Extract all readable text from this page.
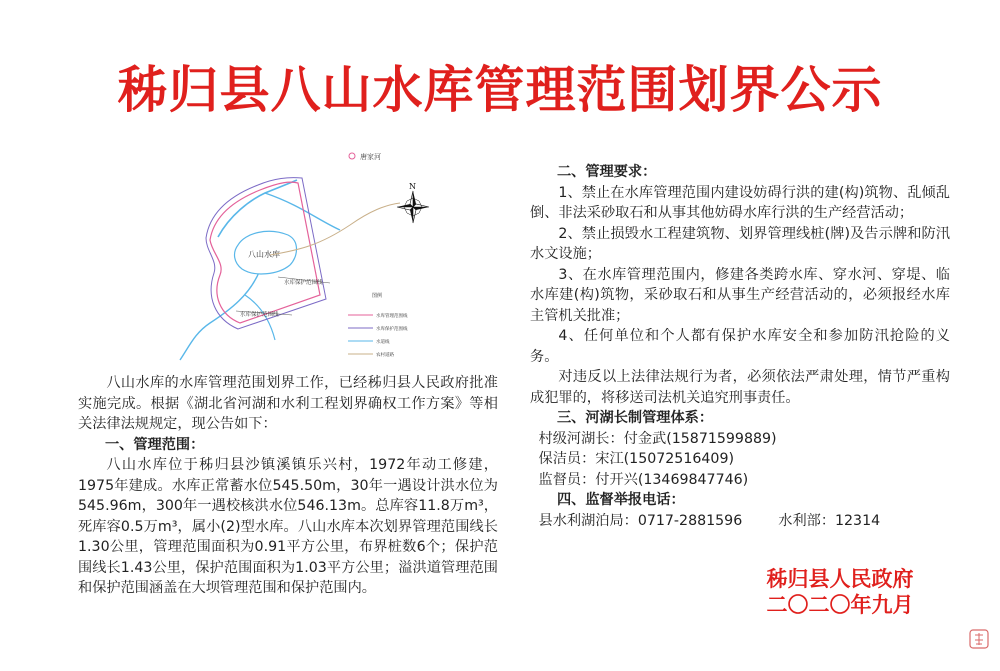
秭归县八山水库管理范围划界公示
唐家河
八山水库
水库保护范围线
水库保护范围线
N
图例
水库管理范围线
水库保护范围线
水道线
农村道路

八山水库的水库管理范围划界工作，已经秭归县人民政府批准实施完成。根据《湖北省河湖和水利工程划界确权工作方案》等相关法律法规规定，现公告如下：

一、管理范围：

八山水库位于秭归县沙镇溪镇乐兴村，1972年动工修建，1975年建成。水库正常蓄水位545.50m，30年一遇设计洪水位为545.96m，300年一遇校核洪水位546.13m。总库容11.8万m³，死库容0.5万m³，属小(2)型水库。八山水库本次划界管理范围线长1.30公里，管理范围面积为0.91平方公里，布界桩数6个；保护范围线长1.43公里，保护范围面积为1.03平方公里；溢洪道管理范围和保护范围涵盖在大坝管理范围和保护范围内。

二、管理要求：

1、禁止在水库管理范围内建设妨碍行洪的建(构)筑物、乱倾乱倒、非法采砂取石和从事其他妨碍水库行洪的生产经营活动；

2、禁止损毁水工程建筑物、划界管理线桩(牌)及告示牌和防汛水文设施；

3、在水库管理范围内，修建各类跨水库、穿水河、穿堤、临水库建(构)筑物，采砂取石和从事生产经营活动的，必须报经水库主管机关批准；

4、任何单位和个人都有保护水库安全和参加防汛抢险的义务。

对违反以上法律法规行为者，必须依法严肃处理，情节严重构成犯罪的，将移送司法机关追究刑事责任。

三、河湖长制管理体系：

村级河湖长：付金武(15871599889)

保洁员：宋江(15072516409)

监督员：付开兴(13469847746)

四、监督举报电话：

县水利湖泊局：0717-2881596	水利部：12314

秭归县人民政府
二〇二〇年九月
